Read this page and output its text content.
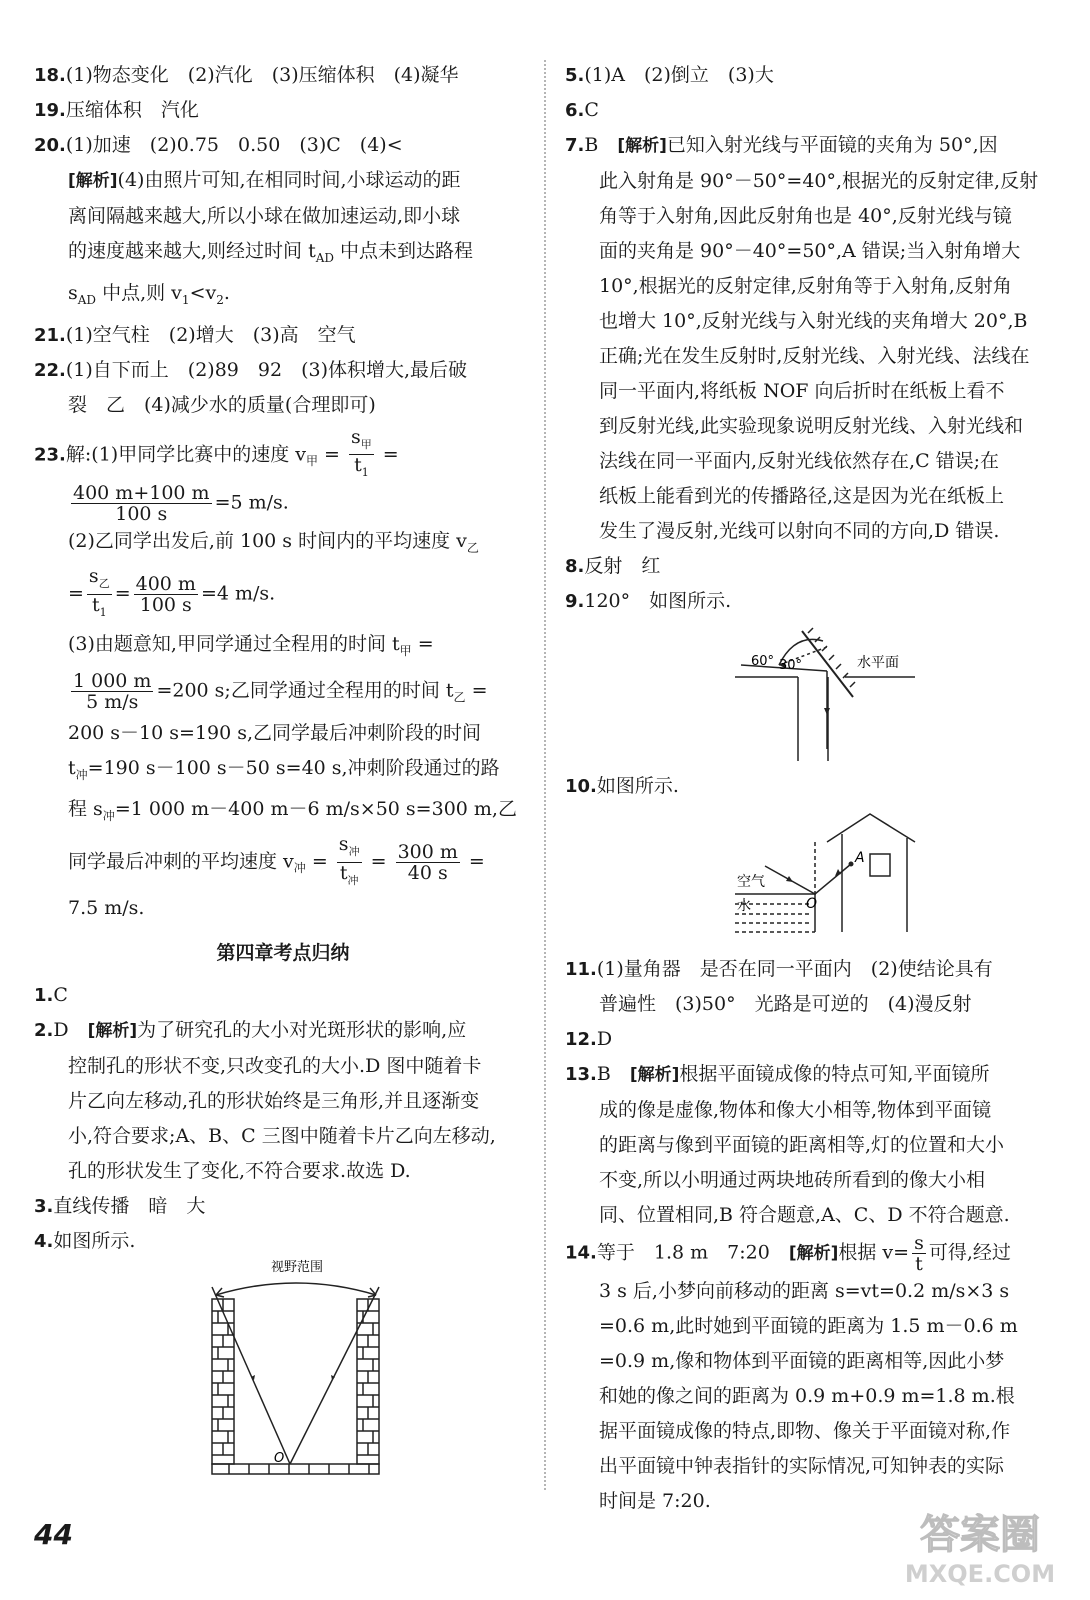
18.(1)物态变化　(2)汽化　(3)压缩体积　(4)凝华

19.压缩体积　汽化

20.(1)加速　(2)0.75　0.50　(3)C　(4)<

[解析](4)由照片可知,在相同时间,小球运动的距

离间隔越来越大,所以小球在做加速运动,即小球

的速度越来越大,则经过时间 $t_{AD}$ 中点未到达路程

$s_{AD}$ 中点,则 $v_1<v_2$.

21.(1)空气柱　(2)增大　(3)高　空气

22.(1)自下而上　(2)89　92　(3)体积增大,最后破

裂　乙　(4)减少水的质量(合理即可)

23.解:(1)甲同学比赛中的速度 $v_甲 = \frac{s_甲}{t_1}$ =

$\frac{400 m+100 m}{100 s} =5$ m/s.

(2)乙同学出发后,前 100 s 时间内的平均速度 $v_乙$

= $\frac{s_乙}{t_1} = \frac{400 m}{100 s} =4$ m/s.

(3)由题意知,甲同学通过全程用的时间 $t_甲$ =

$\frac{1 000 m}{5 m/s} =200$ s;乙同学通过全程用的时间 $t_乙$ =

200 s－10 s=190 s,乙同学最后冲刺阶段的时间

$t_冲=190$ s－100 s－50 s=40 s,冲刺阶段通过的路

程 $s_冲=1$ 000 m－400 m－6 m/s×50 s=300 m,乙

同学最后冲刺的平均速度 $v_冲 = \frac{s_冲}{t_冲} = \frac{300 m}{40 s}$ =

7.5 m/s.

第四章考点归纳

1.C

2.D　[解析]为了研究孔的大小对光斑形状的影响,应

控制孔的形状不变,只改变孔的大小.D 图中随着卡

片乙向左移动,孔的形状始终是三角形,并且逐渐变

小,符合要求;A、B、C 三图中随着卡片乙向左移动,

孔的形状发生了变化,不符合要求.故选 D.

3.直线传播　暗　大

4.如图所示.

视野范围
O

5.(1)A　(2)倒立　(3)大

6.C

7.B　[解析]已知入射光线与平面镜的夹角为 50°,因

此入射角是 90°－50°=40°,根据光的反射定律,反射

角等于入射角,因此反射角也是 40°,反射光线与镜

面的夹角是 90°－40°=50°,A 错误;当入射角增大

10°,根据光的反射定律,反射角等于入射角,反射角

也增大 10°,反射光线与入射光线的夹角增大 20°,B

正确;光在发生反射时,反射光线、入射光线、法线在

同一平面内,将纸板 NOF 向后折时在纸板上看不

到反射光线,此实验现象说明反射光线、入射光线和

法线在同一平面内,反射光线依然存在,C 错误;在

纸板上能看到光的传播路径,这是因为光在纸板上

发生了漫反射,光线可以射向不同的方向,D 错误.

8.反射　红

9.120°　如图所示.

60° 30°	水平面

10.如图所示.

空气
水
A
O

11.(1)量角器　是否在同一平面内　(2)使结论具有

普遍性　(3)50°　光路是可逆的　(4)漫反射

12.D

13.B　[解析]根据平面镜成像的特点可知,平面镜所

成的像是虚像,物体和像大小相等,物体到平面镜

的距离与像到平面镜的距离相等,灯的位置和大小

不变,所以小明通过两块地砖所看到的像大小相

同、位置相同,B 符合题意,A、C、D 不符合题意.

14.等于　1.8 m　7:20　[解析]根据 $v= \frac{s}{t}$ 可得,经过

3 s 后,小梦向前移动的距离 s=vt=0.2 m/s×3 s

=0.6 m,此时她到平面镜的距离为 1.5 m－0.6 m

=0.9 m,像和物体到平面镜的距离相等,因此小梦

和她的像之间的距离为 0.9 m+0.9 m=1.8 m.根

据平面镜成像的特点,即物、像关于平面镜对称,作

出平面镜中钟表指针的实际情况,可知钟表的实际

时间是 7:20.

44	答案圈
MXQE.COM
